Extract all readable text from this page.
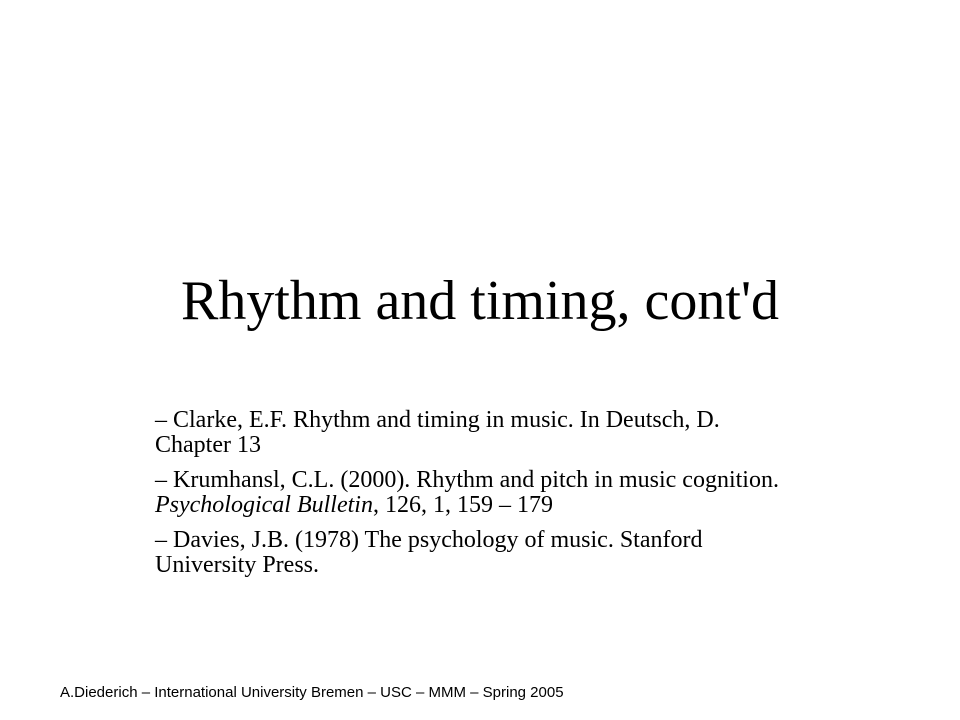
Rhythm and timing, cont'd
– Clarke, E.F. Rhythm and timing in music. In Deutsch, D. Chapter 13
– Krumhansl, C.L. (2000). Rhythm and pitch in music cognition. Psychological Bulletin, 126, 1, 159 – 179
– Davies, J.B. (1978) The psychology of music. Stanford University Press.
A.Diederich – International University Bremen – USC – MMM – Spring 2005
